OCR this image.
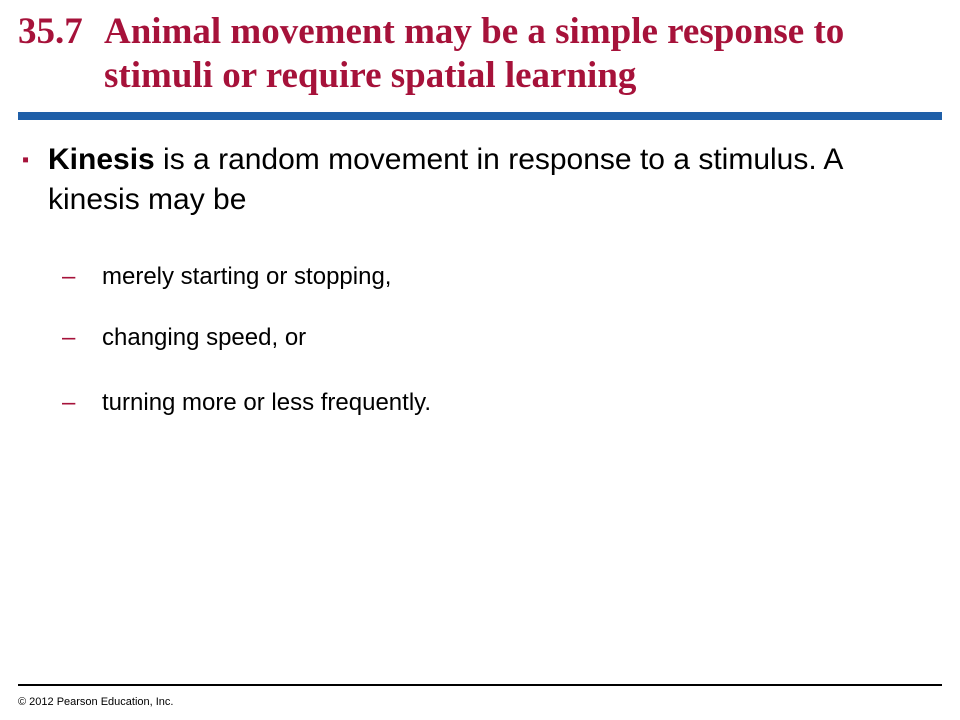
35.7 Animal movement may be a simple response to stimuli or require spatial learning
▪ Kinesis is a random movement in response to a stimulus. A kinesis may be
–	merely starting or stopping,
–	changing speed, or
–	turning more or less frequently.
© 2012 Pearson Education, Inc.
